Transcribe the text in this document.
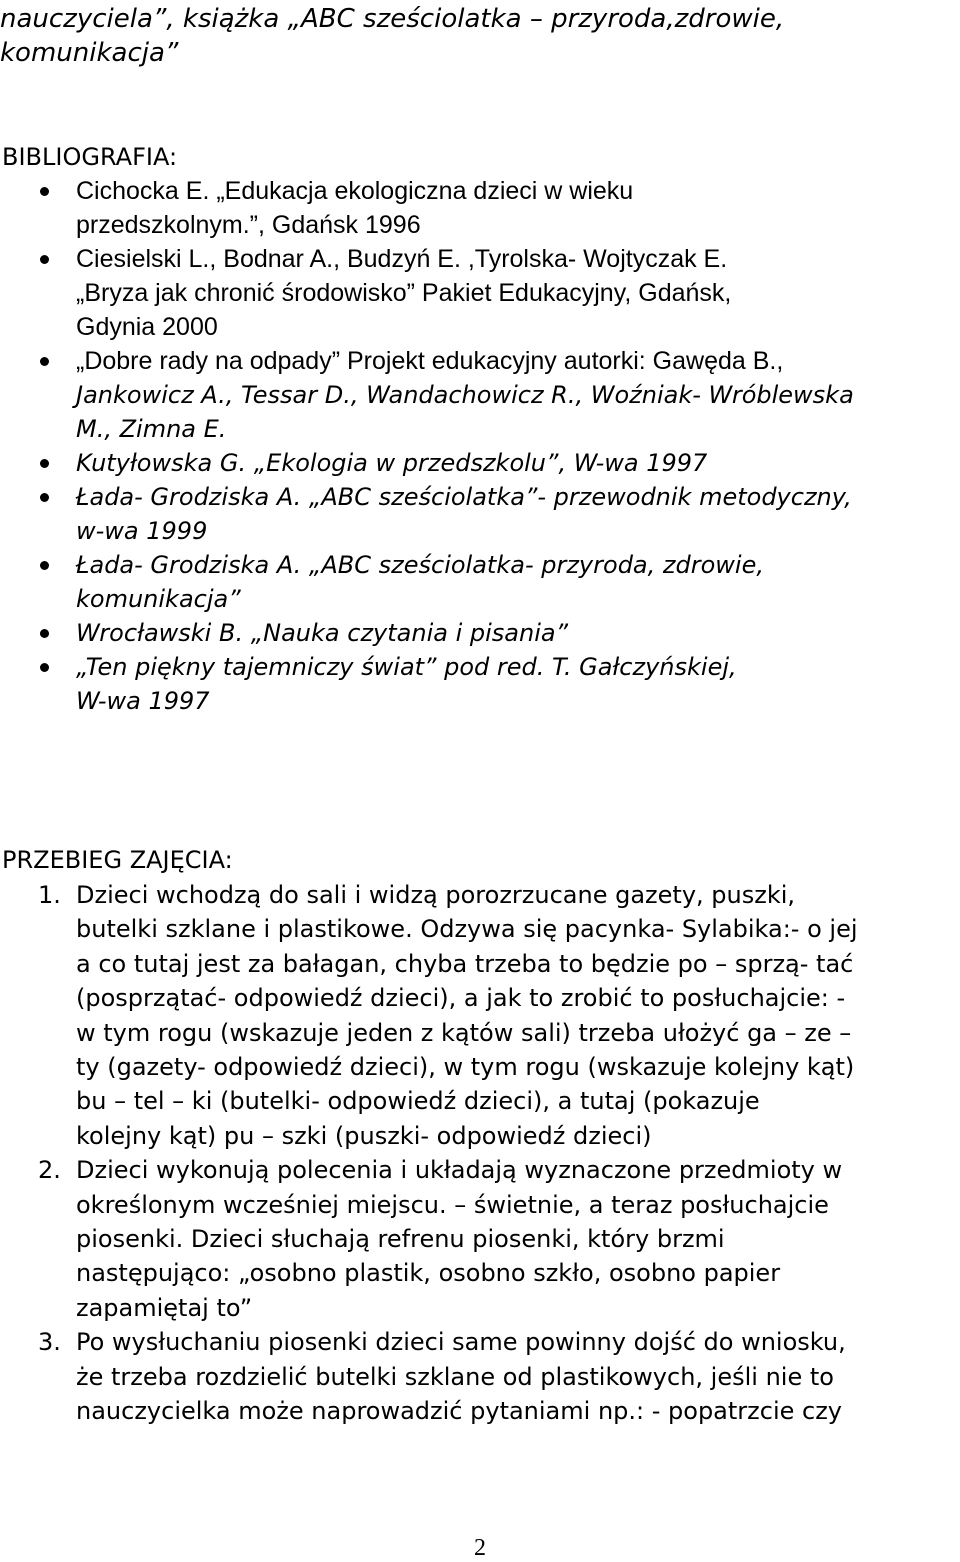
nauczyciela”, książka „ABC sześciolatka – przyroda,zdrowie,
komunikacja”
BIBLIOGRAFIA:
Cichocka E. „Edukacja ekologiczna dzieci w wieku
przedszkolnym.”, Gdańsk 1996
Ciesielski L., Bodnar A., Budzyń E. ,Tyrolska- Wojtyczak E.
„Bryza jak chronić środowisko” Pakiet Edukacyjny, Gdańsk,
Gdynia 2000
„Dobre rady na odpady” Projekt edukacyjny autorki: Gawęda B.,
Jankowicz A., Tessar D., Wandachowicz R., Woźniak- Wróblewska
M., Zimna E.
Kutyłowska G. „Ekologia w przedszkolu”, W-wa 1997
Łada- Grodziska A. „ABC sześciolatka”- przewodnik metodyczny,
w-wa 1999
Łada- Grodziska A. „ABC sześciolatka- przyroda, zdrowie,
komunikacja”
Wrocławski B. „Nauka czytania i pisania”
„Ten piękny tajemniczy świat” pod red. T. Gałczyńskiej,
W-wa 1997
PRZEBIEG ZAJĘCIA:
1. Dzieci wchodzą do sali i widzą porozrzucane gazety, puszki,
butelki szklane i plastikowe. Odzywa się pacynka- Sylabika:- o jej
a co tutaj jest za bałagan, chyba trzeba to będzie po – sprzą- tać
(posprzątać- odpowiedź dzieci), a jak to zrobić to posłuchajcie: -
w tym rogu (wskazuje jeden z kątów sali) trzeba ułożyć ga – ze –
ty (gazety- odpowiedź dzieci), w tym rogu (wskazuje kolejny kąt)
bu – tel – ki (butelki- odpowiedź dzieci), a tutaj (pokazuje
kolejny kąt) pu – szki (puszki- odpowiedź dzieci)
2. Dzieci wykonują polecenia i układają wyznaczone przedmioty w
określonym wcześniej miejscu. – świetnie, a teraz posłuchajcie
piosenki. Dzieci słuchają refrenu piosenki, który brzmi
następująco: „osobno plastik, osobno szkło, osobno papier
zapamiętaj to”
3. Po wysłuchaniu piosenki dzieci same powinny dojść do wniosku,
że trzeba rozdzielić butelki szklane od plastikowych, jeśli nie to
nauczycielka może naprowadzić pytaniami np.: - popatrzcie czy
2
